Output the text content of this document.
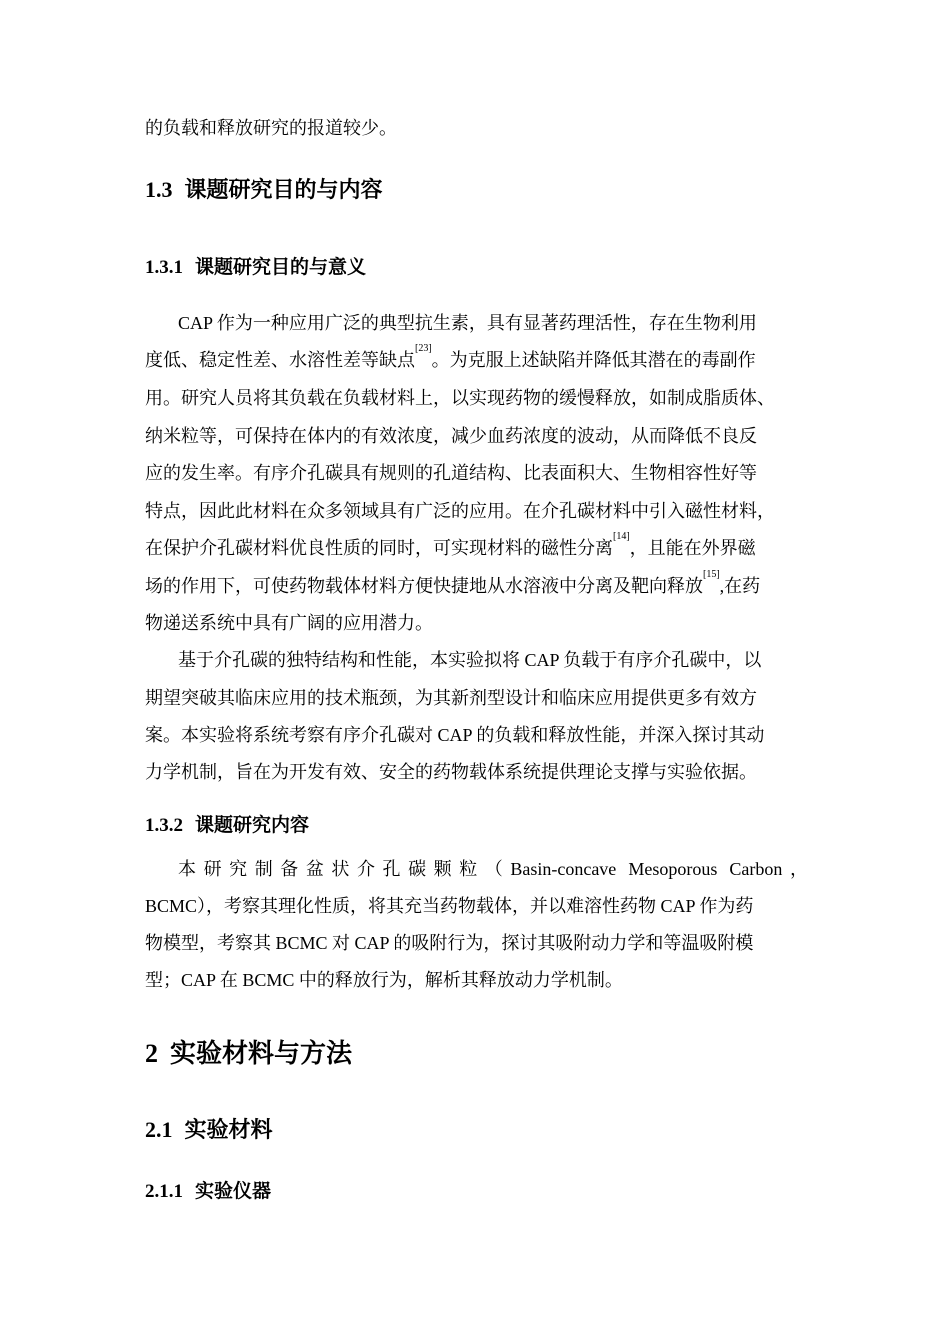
的负载和释放研究的报道较少。
1.3 课题研究目的与内容
1.3.1 课题研究目的与意义
CAP 作为一种应用广泛的典型抗生素，具有显著药理活性，存在生物利用
度低、稳定性差、水溶性差等缺点[23]。为克服上述缺陷并降低其潜在的毒副作
用。研究人员将其负载在负载材料上，以实现药物的缓慢释放，如制成脂质体、
纳米粒等，可保持在体内的有效浓度，减少血药浓度的波动，从而降低不良反
应的发生率。有序介孔碳具有规则的孔道结构、比表面积大、生物相容性好等
特点，因此此材料在众多领域具有广泛的应用。在介孔碳材料中引入磁性材料，
在保护介孔碳材料优良性质的同时，可实现材料的磁性分离[14]，且能在外界磁
场的作用下，可使药物载体材料方便快捷地从水溶液中分离及靶向释放[15],在药
物递送系统中具有广阔的应用潜力。
基于介孔碳的独特结构和性能，本实验拟将 CAP 负载于有序介孔碳中，以
期望突破其临床应用的技术瓶颈，为其新剂型设计和临床应用提供更多有效方
案。本实验将系统考察有序介孔碳对 CAP 的负载和释放性能，并深入探讨其动
力学机制，旨在为开发有效、安全的药物载体系统提供理论支撑与实验依据。
1.3.2 课题研究内容
本研究制备盆状介孔碳颗粒（Basin-concave Mesoporous Carbon，
BCMC），考察其理化性质，将其充当药物载体，并以难溶性药物 CAP 作为药
物模型，考察其 BCMC 对 CAP 的吸附行为，探讨其吸附动力学和等温吸附模
型；CAP 在 BCMC 中的释放行为，解析其释放动力学机制。
2 实验材料与方法
2.1 实验材料
2.1.1 实验仪器
